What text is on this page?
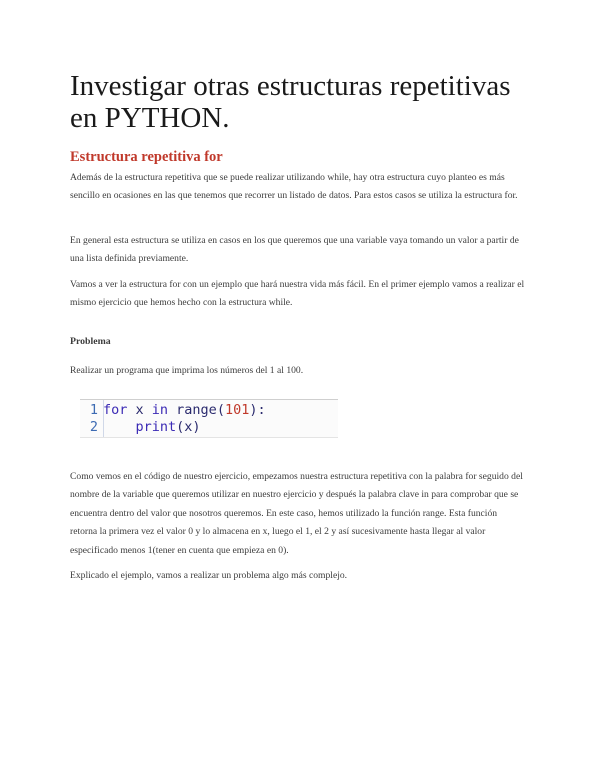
Investigar otras estructuras repetitivas en PYTHON.
Estructura repetitiva for

Además de la estructura repetitiva que se puede realizar utilizando while, hay otra estructura cuyo planteo es más sencillo en ocasiones en las que tenemos que recorrer un listado de datos. Para estos casos se utiliza la estructura for.

En general esta estructura se utiliza en casos en los que queremos que una variable vaya tomando un valor a partir de una lista definida previamente.

Vamos a ver la estructura for con un ejemplo que hará nuestra vida más fácil. En el primer ejemplo vamos a realizar el mismo ejercicio que hemos hecho con la estructura while.

Problema

Realizar un programa que imprima los números del 1 al 100.

1 for x in range(101):
2	print(x)

Como vemos en el código de nuestro ejercicio, empezamos nuestra estructura repetitiva con la palabra for seguido del nombre de la variable que queremos utilizar en nuestro ejercicio y después la palabra clave in para comprobar que se encuentra dentro del valor que nosotros queremos. En este caso, hemos utilizado la función range. Esta función retorna la primera vez el valor 0 y lo almacena en x, luego el 1, el 2 y así sucesivamente hasta llegar al valor especificado menos 1(tener en cuenta que empieza en 0).

Explicado el ejemplo, vamos a realizar un problema algo más complejo.
